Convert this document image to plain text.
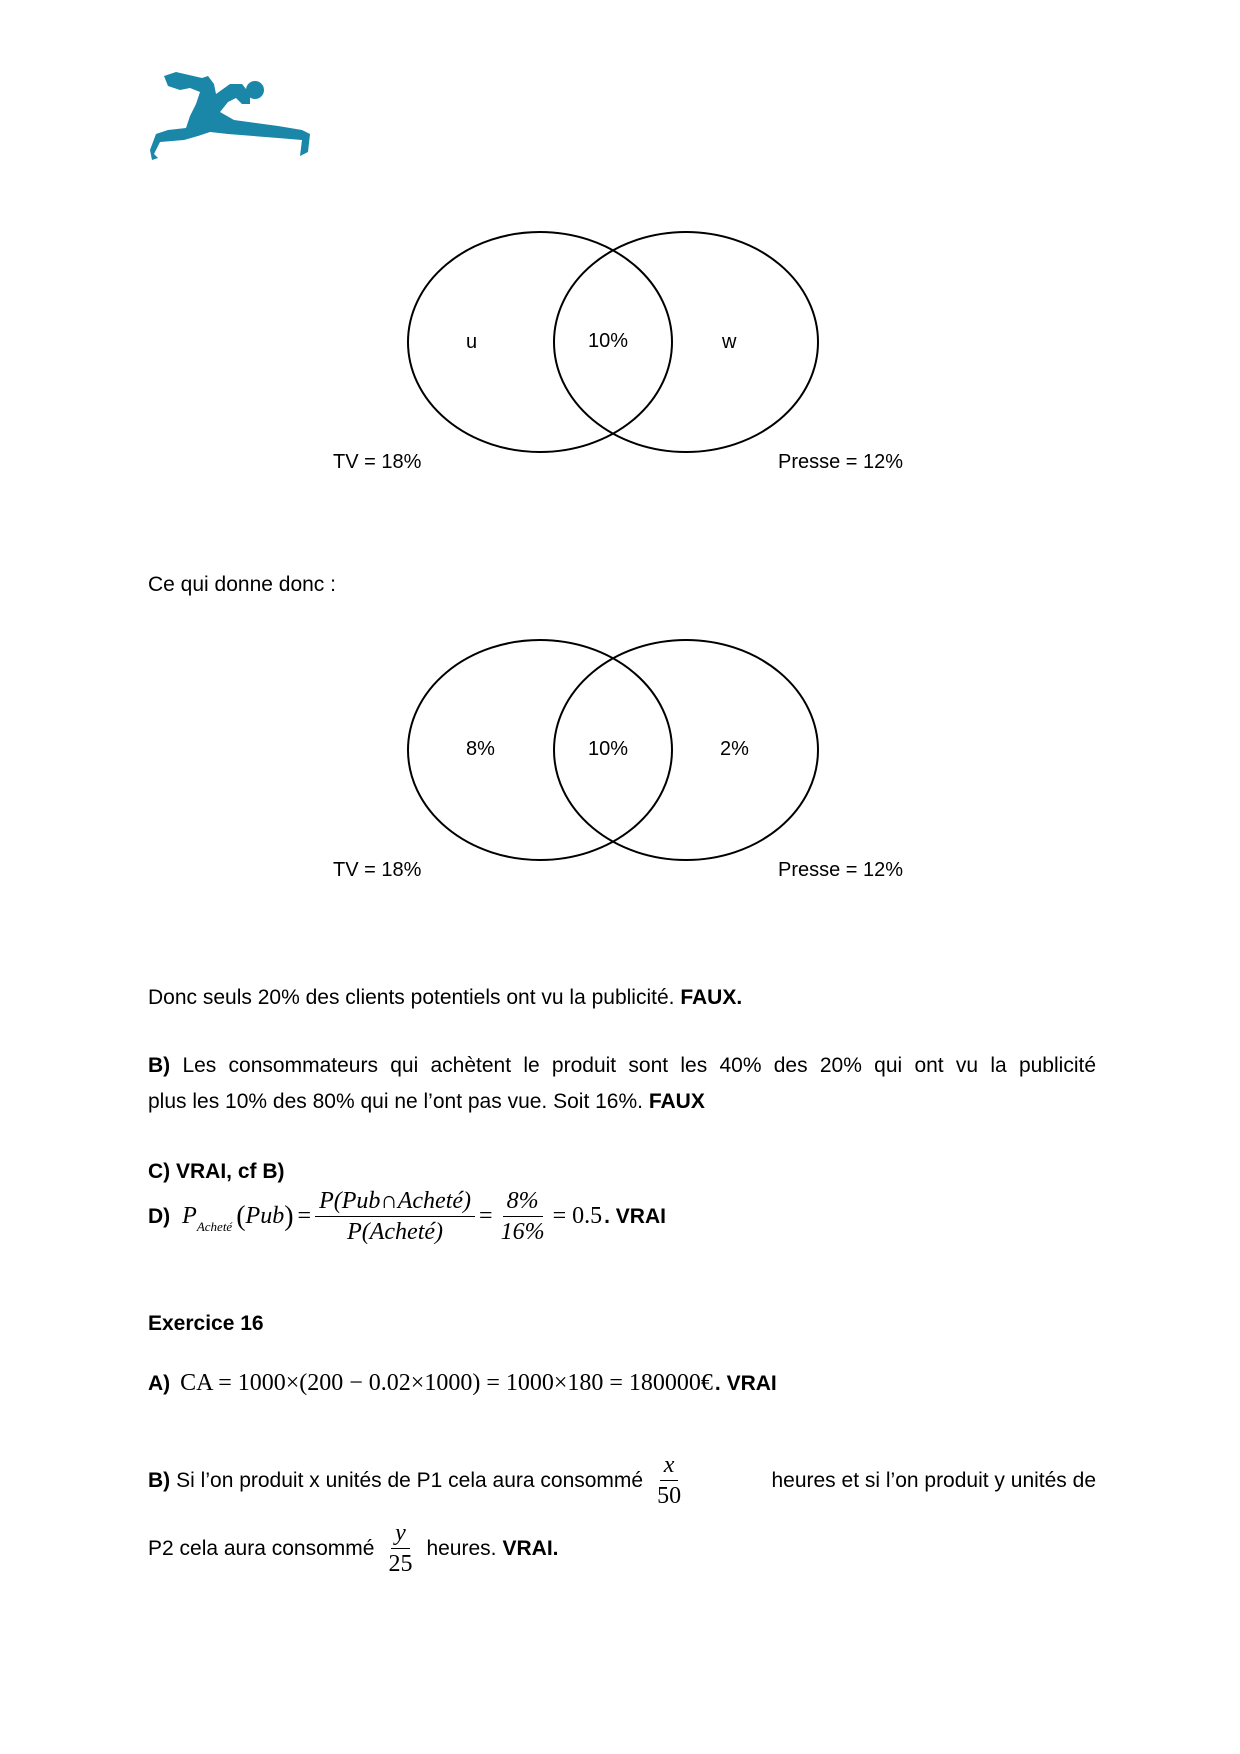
u	10%	w
TV = 18%	Presse = 12%
Ce qui donne donc :
8%	10%	2%
TV = 18%	Presse = 12%
Donc seuls 20% des clients potentiels ont vu la publicité. FAUX.
B) Les consommateurs qui achètent le produit sont les 40% des 20% qui ont vu la publicité
plus les 10% des 80% qui ne l’ont pas vue. Soit 16%. FAUX
C) VRAI, cf B)
D) P Acheté ( Pub ) = $\frac{\text{P(Pub∩Acheté)}}{\text{P(Acheté)}} = \frac{8\%}{16\%} = 0.5$ . VRAI
Exercice 16
A) CA = 1000×(200 − 0.02×1000) = 1000×180 = 180000€ . VRAI
B) Si l’on produit x unités de P1 cela aura consommé $\frac{x}{50}$	heures et si l’on produit y unités de
P2 cela aura consommé $\frac{y}{25}$ heures. VRAI.
